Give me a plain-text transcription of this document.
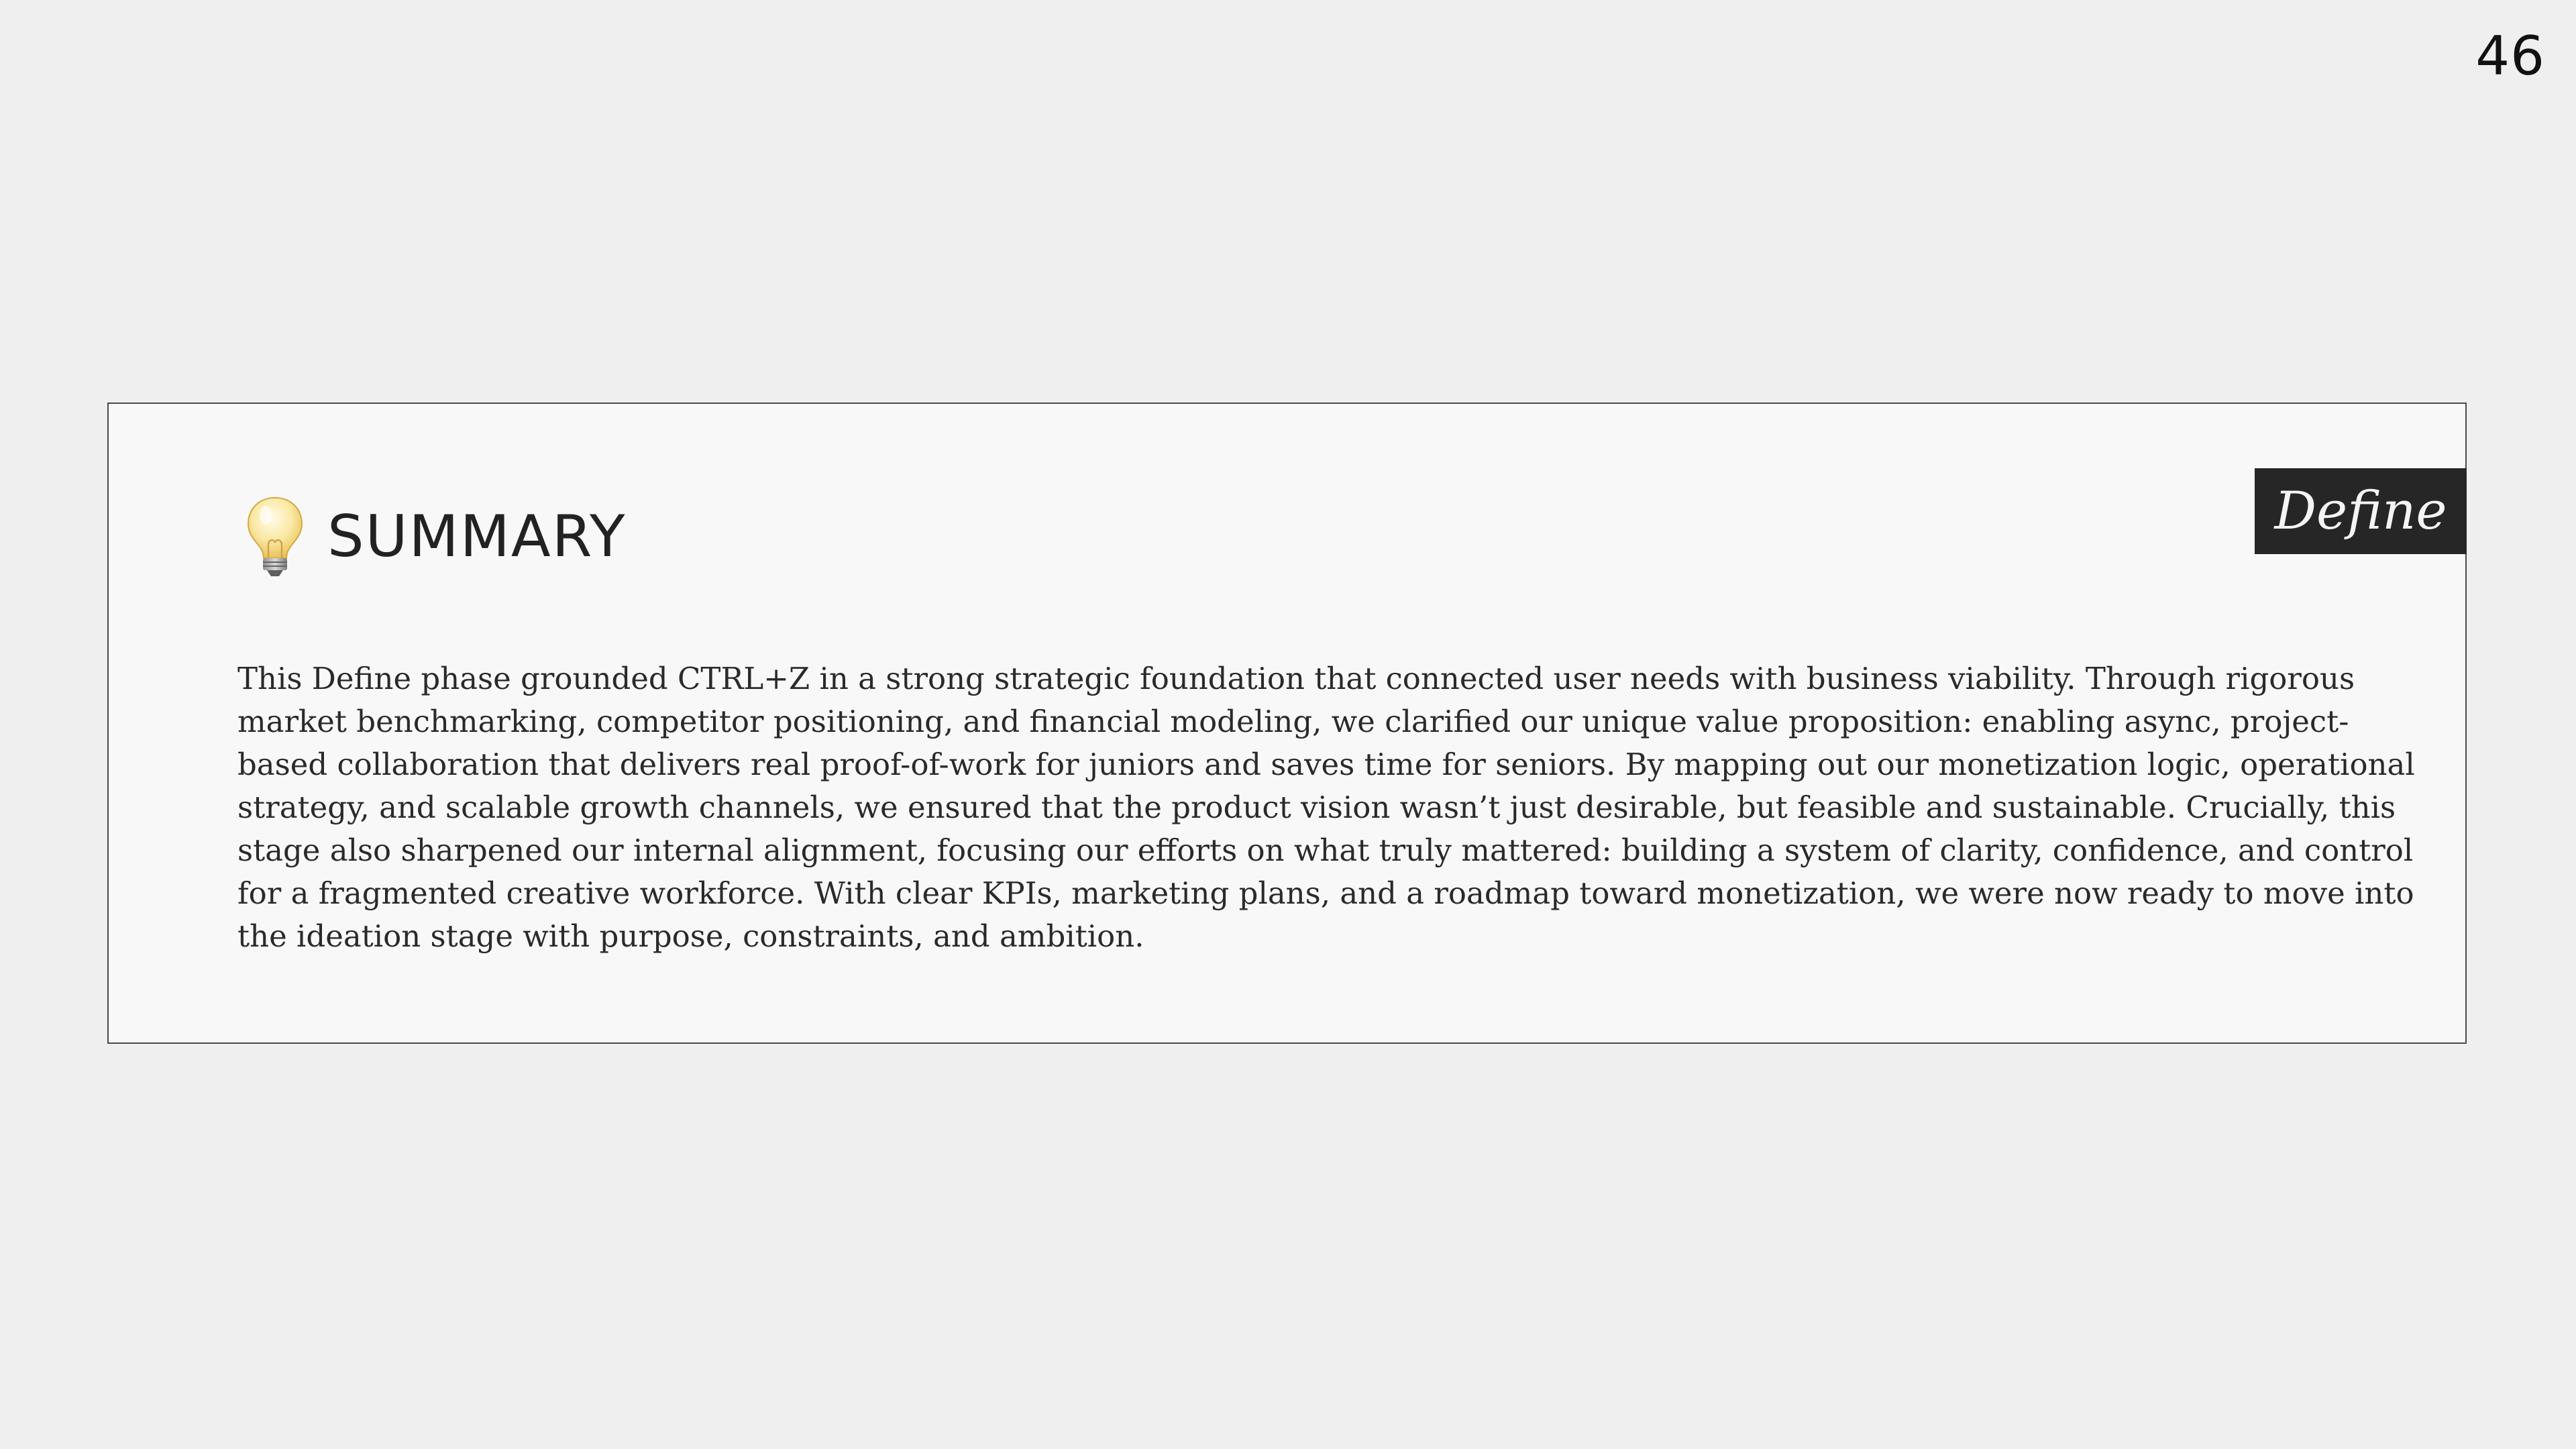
46
Define
SUMMARY

This Define phase grounded CTRL+Z in a strong strategic foundation that connected user needs with business viability. Through rigorous market benchmarking, competitor positioning, and financial modeling, we clarified our unique value proposition: enabling async, project-based collaboration that delivers real proof-of-work for juniors and saves time for seniors. By mapping out our monetization logic, operational strategy, and scalable growth channels, we ensured that the product vision wasn’t just desirable, but feasible and sustainable. Crucially, this stage also sharpened our internal alignment, focusing our efforts on what truly mattered: building a system of clarity, confidence, and control for a fragmented creative workforce. With clear KPIs, marketing plans, and a roadmap toward monetization, we were now ready to move into the ideation stage with purpose, constraints, and ambition.
